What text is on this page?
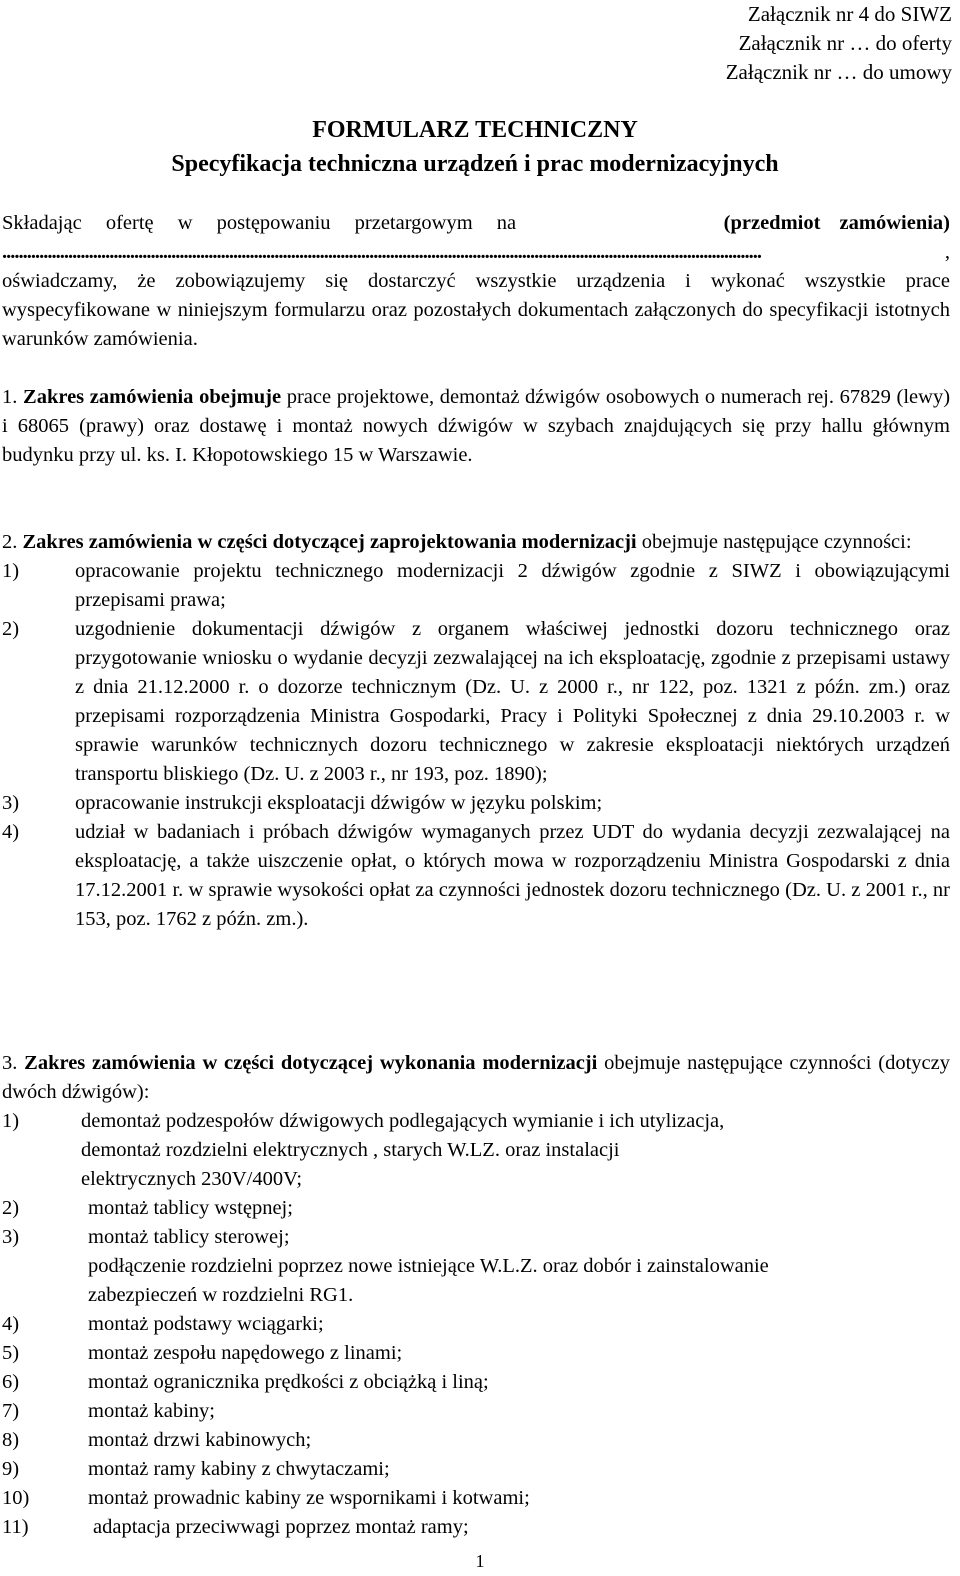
Załącznik nr 4 do SIWZ
Załącznik nr … do oferty
Załącznik nr … do umowy
FORMULARZ TECHNICZNY
Specyfikacja techniczna urządzeń i prac modernizacyjnych
Składając ofertę w postępowaniu przetargowym na	(przedmiot zamówienia)
........................................................................................................................................................................................	,
oświadczamy, że zobowiązujemy się dostarczyć wszystkie urządzenia i wykonać wszystkie prace wyspecyfikowane w niniejszym formularzu oraz pozostałych dokumentach załączonych do specyfikacji istotnych warunków zamówienia.
1. Zakres zamówienia obejmuje prace projektowe, demontaż dźwigów osobowych o numerach rej. 67829 (lewy) i 68065 (prawy) oraz dostawę i montaż nowych dźwigów w szybach znajdujących się przy hallu głównym budynku przy ul. ks. I. Kłopotowskiego 15 w Warszawie.
2. Zakres zamówienia w części dotyczącej zaprojektowania modernizacji obejmuje następujące czynności:
1)	opracowanie projektu technicznego modernizacji 2 dźwigów zgodnie z SIWZ i obowiązującymi przepisami prawa;
2)	uzgodnienie dokumentacji dźwigów z organem właściwej jednostki dozoru technicznego oraz przygotowanie wniosku o wydanie decyzji zezwalającej na ich eksploatację, zgodnie z przepisami ustawy z dnia 21.12.2000 r. o dozorze technicznym (Dz. U. z 2000 r., nr 122, poz. 1321 z późn. zm.) oraz przepisami rozporządzenia Ministra Gospodarki, Pracy i Polityki Społecznej z dnia 29.10.2003 r. w sprawie warunków technicznych dozoru technicznego w zakresie eksploatacji niektórych urządzeń transportu bliskiego (Dz. U. z 2003 r., nr 193, poz. 1890);
3)	opracowanie instrukcji eksploatacji dźwigów w języku polskim;
4)	udział w badaniach i próbach dźwigów wymaganych przez UDT do wydania decyzji zezwalającej na eksploatację, a także uiszczenie opłat, o których mowa w rozporządzeniu Ministra Gospodarski z dnia 17.12.2001 r. w sprawie wysokości opłat za czynności jednostek dozoru technicznego (Dz. U. z 2001 r., nr 153, poz. 1762 z późn. zm.).
3. Zakres zamówienia w części dotyczącej wykonania modernizacji obejmuje następujące czynności (dotyczy dwóch dźwigów):
1)	demontaż podzespołów dźwigowych podlegających wymianie i ich utylizacja,
demontaż rozdzielni elektrycznych , starych W.LZ. oraz instalacji
elektrycznych 230V/400V;
2)	montaż tablicy wstępnej;
3)	montaż tablicy sterowej;
podłączenie rozdzielni poprzez nowe istniejące W.L.Z. oraz dobór i zainstalowanie
zabezpieczeń w rozdzielni RG1.
4)	montaż podstawy wciągarki;
5)	montaż zespołu napędowego z linami;
6)	montaż ogranicznika prędkości z obciążką i liną;
7)	montaż kabiny;
8)	montaż drzwi kabinowych;
9)	montaż ramy kabiny z chwytaczami;
10)	montaż prowadnic kabiny ze wspornikami i kotwami;
11)	adaptacja przeciwwagi poprzez montaż ramy;
1
